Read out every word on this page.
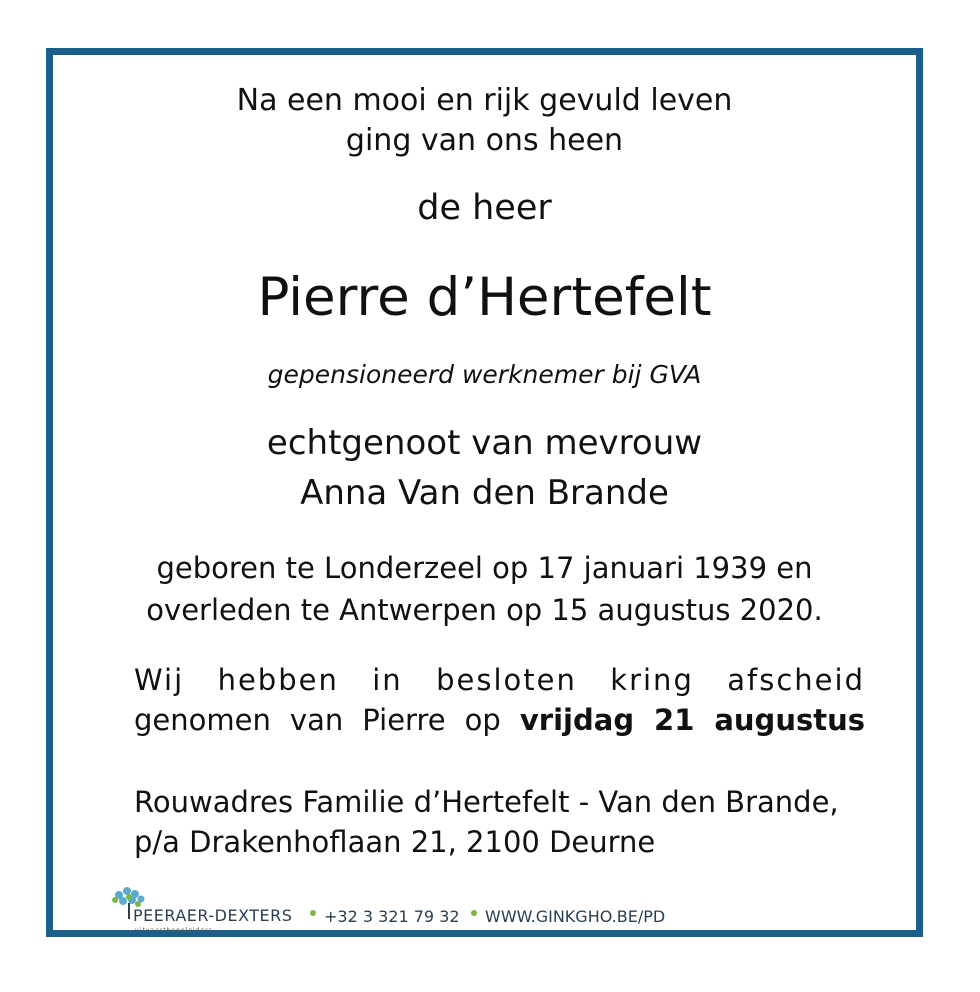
Na een mooi en rijk gevuld leven
ging van ons heen
de heer
Pierre d’Hertefelt
gepensioneerd werknemer bij GVA
echtgenoot van mevrouw
Anna Van den Brande
geboren te Londerzeel op 17 januari 1939 en
overleden te Antwerpen op 15 augustus 2020.
Wij hebben in besloten kring afscheid
genomen van Pierre op vrijdag 21 augustus
Rouwadres Familie d’Hertefelt - Van den Brande,
p/a Drakenhoflaan 21, 2100 Deurne
PEERAER-DEXTERS
uitvaartbegeleiders
+32 3 321 79 32 WWW.GINKGHO.BE/PD
